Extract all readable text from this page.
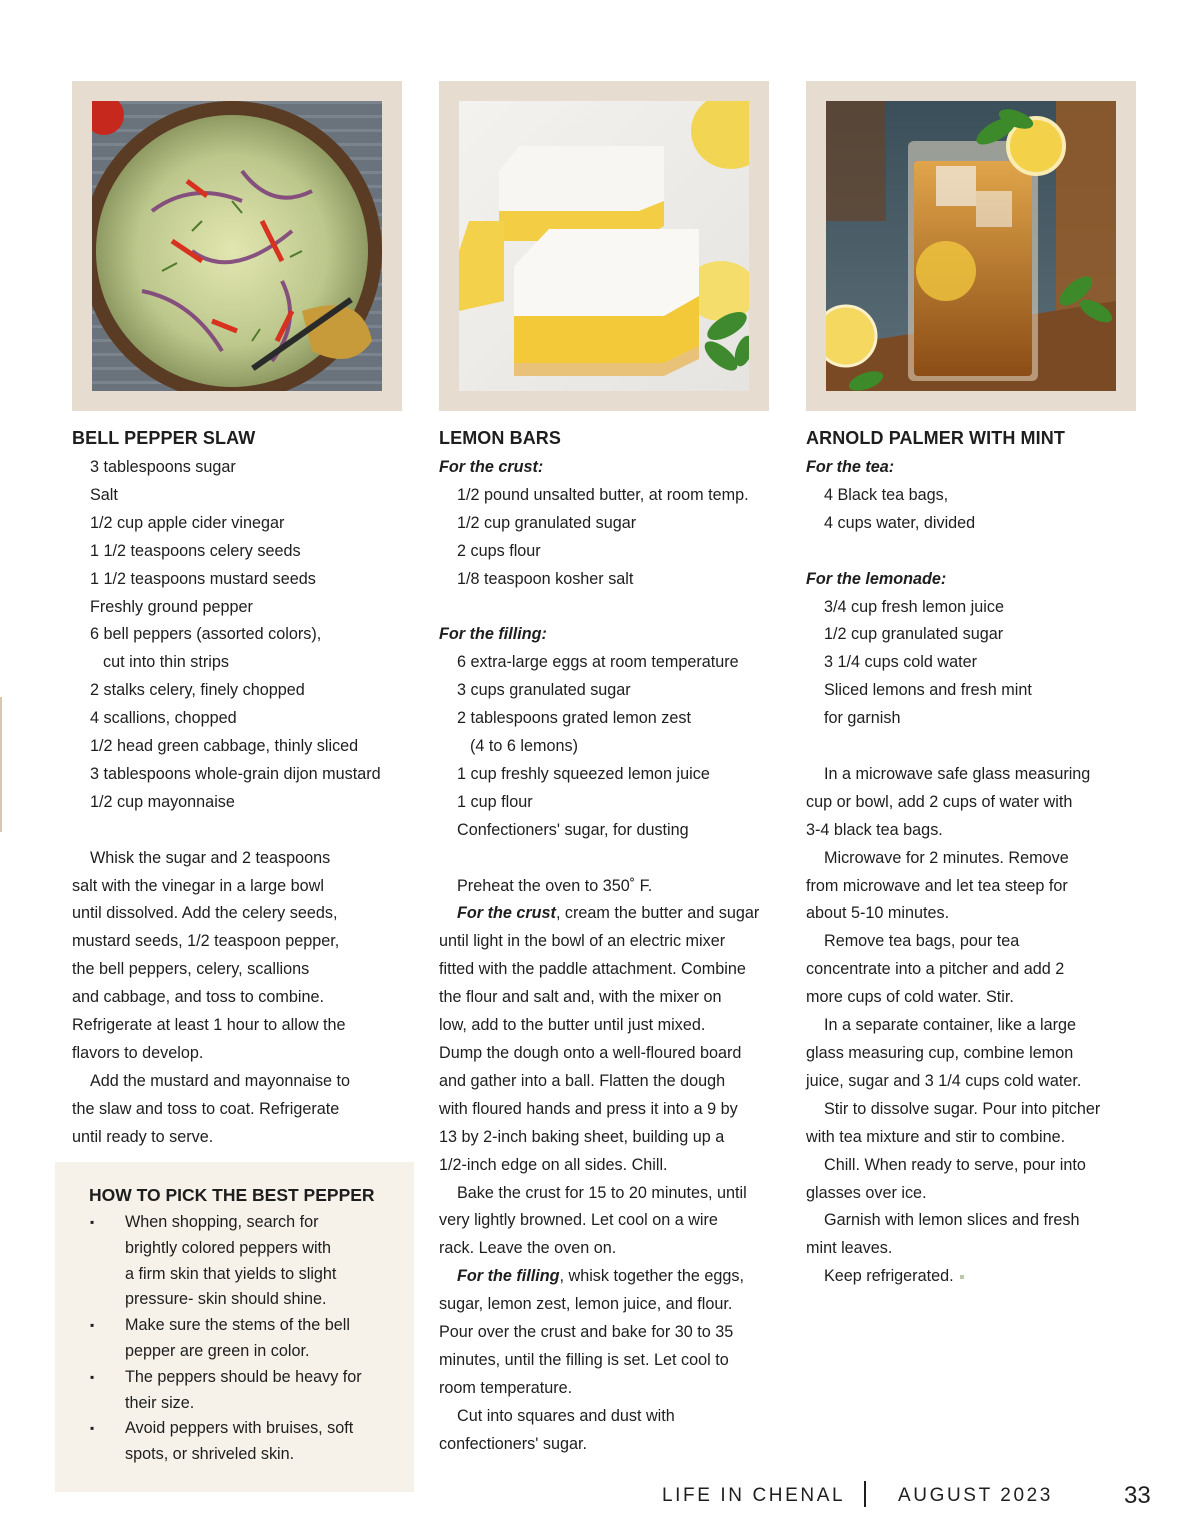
BELL PEPPER SLAW
3 tablespoons sugar
Salt
1/2 cup apple cider vinegar
1 1/2 teaspoons celery seeds
1 1/2 teaspoons mustard seeds
Freshly ground pepper
6 bell peppers (assorted colors),
cut into thin strips
2 stalks celery, finely chopped
4 scallions, chopped
1/2 head green cabbage, thinly sliced
3 tablespoons whole-grain dijon mustard
1/2 cup mayonnaise
Whisk the sugar and 2 teaspoons
salt with the vinegar in a large bowl
until dissolved. Add the celery seeds,
mustard seeds, 1/2 teaspoon pepper,
the bell peppers, celery, scallions
and cabbage, and toss to combine.
Refrigerate at least 1 hour to allow the
flavors to develop.
Add the mustard and mayonnaise to
the slaw and toss to coat. Refrigerate
until ready to serve.
HOW TO PICK THE BEST PEPPER
▪ When shopping, search for
brightly colored peppers with
a firm skin that yields to slight
pressure- skin should shine.
▪ Make sure the stems of the bell
pepper are green in color.
▪ The peppers should be heavy for
their size.
▪ Avoid peppers with bruises, soft
spots, or shriveled skin.
LEMON BARS
For the crust:
1/2 pound unsalted butter, at room temp.
1/2 cup granulated sugar
2 cups flour
1/8 teaspoon kosher salt
For the filling:
6 extra-large eggs at room temperature
3 cups granulated sugar
2 tablespoons grated lemon zest
(4 to 6 lemons)
1 cup freshly squeezed lemon juice
1 cup flour
Confectioners' sugar, for dusting
Preheat the oven to 350˚ F.
For the crust, cream the butter and sugar
until light in the bowl of an electric mixer
fitted with the paddle attachment. Combine
the flour and salt and, with the mixer on
low, add to the butter until just mixed.
Dump the dough onto a well-floured board
and gather into a ball. Flatten the dough
with floured hands and press it into a 9 by
13 by 2-inch baking sheet, building up a
1/2-inch edge on all sides. Chill.
Bake the crust for 15 to 20 minutes, until
very lightly browned. Let cool on a wire
rack. Leave the oven on.
For the filling, whisk together the eggs,
sugar, lemon zest, lemon juice, and flour.
Pour over the crust and bake for 30 to 35
minutes, until the filling is set. Let cool to
room temperature.
Cut into squares and dust with
confectioners' sugar.
ARNOLD PALMER WITH MINT
For the tea:
4 Black tea bags,
4 cups water, divided
For the lemonade:
3/4 cup fresh lemon juice
1/2 cup granulated sugar
3 1/4 cups cold water
Sliced lemons and fresh mint
for garnish
In a microwave safe glass measuring
cup or bowl, add 2 cups of water with
3-4 black tea bags.
Microwave for 2 minutes. Remove
from microwave and let tea steep for
about 5-10 minutes.
Remove tea bags, pour tea
concentrate into a pitcher and add 2
more cups of cold water. Stir.
In a separate container, like a large
glass measuring cup, combine lemon
juice, sugar and 3 1/4 cups cold water.
Stir to dissolve sugar. Pour into pitcher
with tea mixture and stir to combine.
Chill. When ready to serve, pour into
glasses over ice.
Garnish with lemon slices and fresh
mint leaves.
Keep refrigerated.
LIFE IN CHENAL	AUGUST 2023	33
